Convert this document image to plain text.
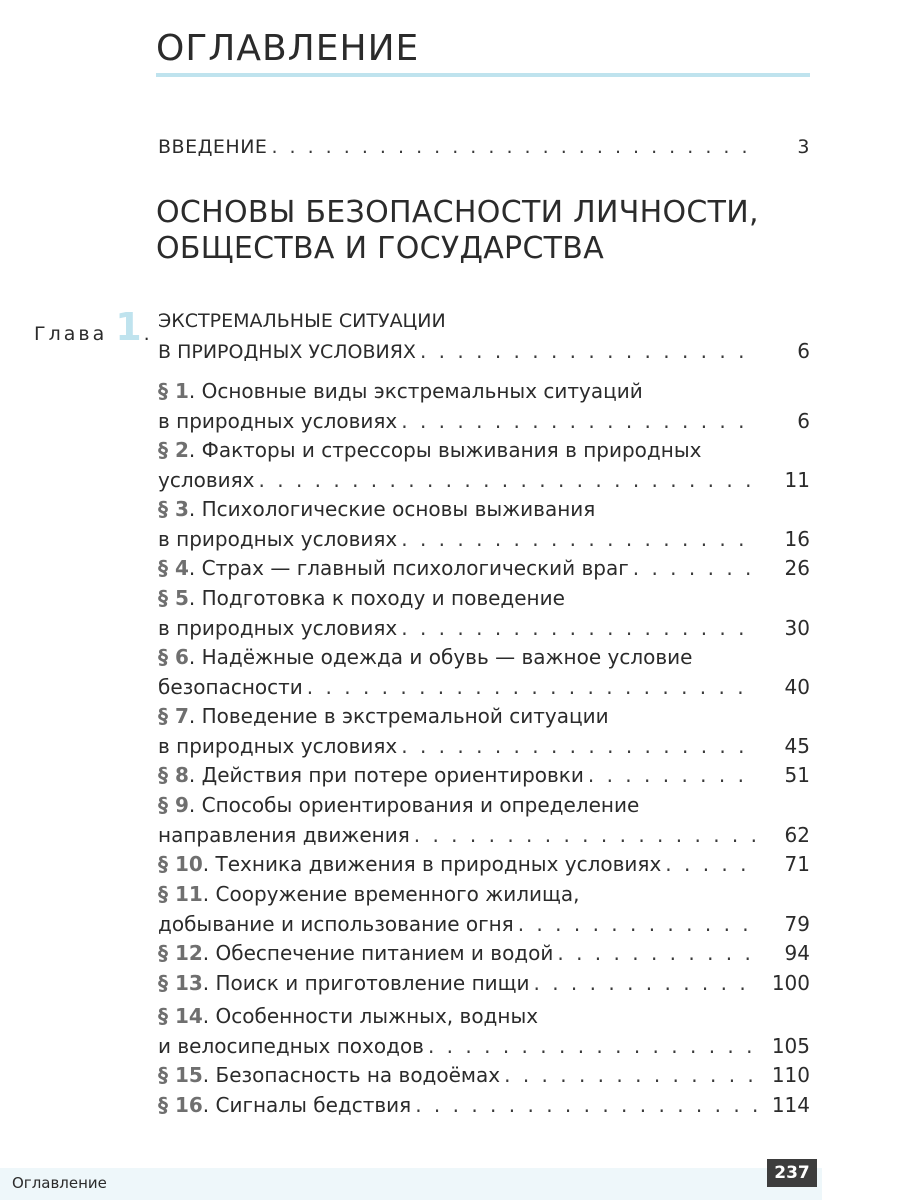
ОГЛАВЛЕНИЕ
ВВЕДЕНИЕ . . .	3
ОСНОВЫ БЕЗОПАСНОСТИ ЛИЧНОСТИ,
ОБЩЕСТВА И ГОСУДАРСТВА
Глава 1 .
ЭКСТРЕМАЛЬНЫЕ СИТУАЦИИ
В ПРИРОДНЫХ УСЛОВИЯХ . . .	6
§ 1. Основные виды экстремальных ситуаций
в природных условиях . . .	6
§ 2. Факторы и стрессоры выживания в природных
условиях . . .	11
§ 3. Психологические основы выживания
в природных условиях . . .	16
§ 4. Страх — главный психологический враг . . .	26
§ 5. Подготовка к походу и поведение
в природных условиях . . .	30
§ 6. Надёжные одежда и обувь — важное условие
безопасности . . .	40
§ 7. Поведение в экстремальной ситуации
в природных условиях . . .	45
§ 8. Действия при потере ориентировки . . .	51
§ 9. Способы ориентирования и определение
направления движения . . .	62
§ 10. Техника движения в природных условиях . . .	71
§ 11. Сооружение временного жилища,
добывание и использование огня . . .	79
§ 12. Обеспечение питанием и водой . . .	94
§ 13. Поиск и приготовление пищи . . .	100
§ 14. Особенности лыжных, водных
и велосипедных походов . . .	105
§ 15. Безопасность на водоёмах . . .	110
§ 16. Сигналы бедствия . . .	114
Оглавление	237
